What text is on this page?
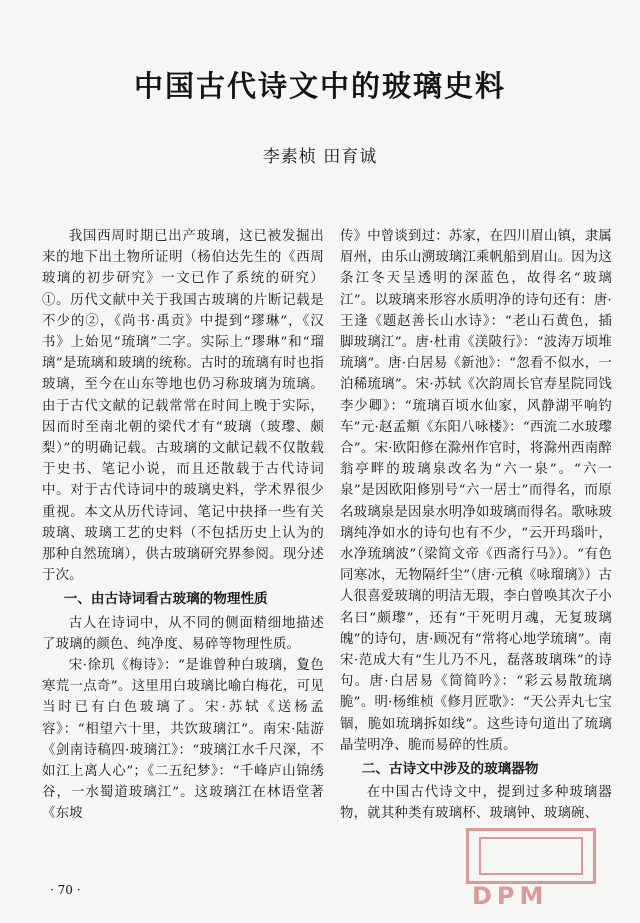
中国古代诗文中的玻璃史料
李素桢 田育诚

我国西周时期已出产玻璃，这已被发掘出来的地下出土物所证明（杨伯达先生的《西周玻璃的初步研究》一文已作了系统的研究）①。历代文献中关于我国古玻璃的片断记载是不少的②，《尚书·禹贡》中提到“璆琳”，《汉书》上始见“琉璃”二字。实际上“璆琳”和“瑠璃”是琉璃和玻璃的统称。古时的琉璃有时也指玻璃，至今在山东等地也仍习称玻璃为琉璃。由于古代文献的记载常常在时间上晚于实际，因而时至南北朝的梁代才有“玻璃（玻瓈、颇梨）”的明确记载。古玻璃的文献记载不仅散载于史书、笔记小说，而且还散载于古代诗词中。对于古代诗词中的玻璃史料，学术界很少重视。本文从历代诗词、笔记中抉择一些有关玻璃、玻璃工艺的史料（不包括历史上认为的那种自然琉璃），供古玻璃研究界参阅。现分述于次。

一、由古诗词看古玻璃的物理性质

古人在诗词中，从不同的侧面精细地描述了玻璃的颜色、纯净度、易碎等物理性质。

宋·徐玑《梅诗》：“是谁曾种白玻璃，夐色寒荒一点奇”。这里用白玻璃比喻白梅花，可见当时已有白色玻璃了。宋·苏轼《送杨孟容》：“相望六十里，共饮玻璃江”。南宋·陆游《剑南诗稿四·玻璃江》：“玻璃江水千尺深，不如江上离人心”；《二五纪梦》：“千峰庐山锦绣谷，一水蜀道玻璃江”。这玻璃江在林语堂著《东坡

传》中曾谈到过：苏家，在四川眉山镇，隶属眉州，由乐山溯玻璃江乘帆船到眉山。因为这条江冬天呈透明的深蓝色，故得名“玻璃江”。以玻璃来形容水质明净的诗句还有：唐·王逢《题赵善长山水诗》：“老山石黄色，插脚玻璃江”。唐·杜甫《渼陂行》：“波涛万顷堆琉璃”。唐·白居易《新池》：“忽看不似水，一泊稀琉璃”。宋·苏轼《次韵周长官寿星院同饯李少卿》：“琉璃百顷水仙家，风静湖平响钓车”元·赵孟頫《东阳八咏楼》：“西流二水玻瓈合”。宋·欧阳修在滁州作官时，将滁州西南醉翁亭畔的玻璃泉改名为“六一泉”。“六一泉”是因欧阳修别号“六一居士”而得名，而原名玻璃泉是因泉水明净如玻璃而得名。歌咏玻璃纯净如水的诗句也有不少，“云开玛瑙叶，水净琉璃波”（梁简文帝《西斋行马》）。“有色同寒冰，无物隔纤尘”（唐·元稹《咏瑠璃》）古人很喜爱玻璃的明洁无瑕，李白曾唤其次子小名曰“颇瓈”，还有“干死明月魂，无复玻璃魄”的诗句，唐·顾况有“常将心地学琉璃”。南宋·范成大有“生儿乃不凡，磊落玻璃珠”的诗句。唐·白居易《简简吟》：“彩云易散琉璃脆”。明·杨维桢《修月匠歌》：“天公弄丸七宝锢，脆如琉璃拆如线”。这些诗句道出了琉璃晶莹明净、脆而易碎的性质。

二、古诗文中涉及的玻璃器物

在中国古代诗文中，提到过多种玻璃器物，就其种类有玻璃杯、玻璃钟、玻璃碗、

· 70 ·	DPM
